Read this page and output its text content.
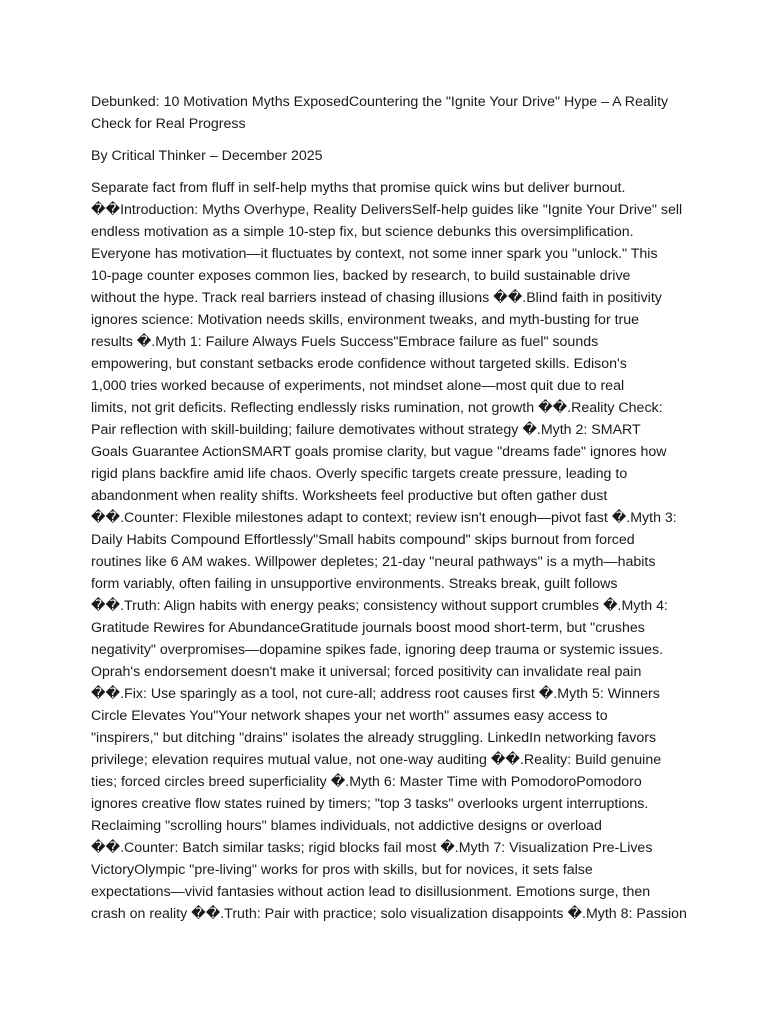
Debunked: 10 Motivation Myths ExposedCountering the "Ignite Your Drive" Hype – A Reality Check for Real Progress

By Critical Thinker – December 2025

Separate fact from fluff in self-help myths that promise quick wins but deliver burnout.
��Introduction: Myths Overhype, Reality DeliversSelf-help guides like "Ignite Your Drive" sell
endless motivation as a simple 10-step fix, but science debunks this oversimplification.
Everyone has motivation—it fluctuates by context, not some inner spark you "unlock." This
10-page counter exposes common lies, backed by research, to build sustainable drive
without the hype. Track real barriers instead of chasing illusions ��.Blind faith in positivity
ignores science: Motivation needs skills, environment tweaks, and myth-busting for true
results �.Myth 1: Failure Always Fuels Success"Embrace failure as fuel" sounds
empowering, but constant setbacks erode confidence without targeted skills. Edison's
1,000 tries worked because of experiments, not mindset alone—most quit due to real
limits, not grit deficits. Reflecting endlessly risks rumination, not growth ��.Reality Check:
Pair reflection with skill-building; failure demotivates without strategy �.Myth 2: SMART
Goals Guarantee ActionSMART goals promise clarity, but vague "dreams fade" ignores how
rigid plans backfire amid life chaos. Overly specific targets create pressure, leading to
abandonment when reality shifts. Worksheets feel productive but often gather dust
��.Counter: Flexible milestones adapt to context; review isn't enough—pivot fast �.Myth 3:
Daily Habits Compound Effortlessly"Small habits compound" skips burnout from forced
routines like 6 AM wakes. Willpower depletes; 21-day "neural pathways" is a myth—habits
form variably, often failing in unsupportive environments. Streaks break, guilt follows
��.Truth: Align habits with energy peaks; consistency without support crumbles �.Myth 4:
Gratitude Rewires for AbundanceGratitude journals boost mood short-term, but "crushes
negativity" overpromises—dopamine spikes fade, ignoring deep trauma or systemic issues.
Oprah's endorsement doesn't make it universal; forced positivity can invalidate real pain
��.Fix: Use sparingly as a tool, not cure-all; address root causes first �.Myth 5: Winners
Circle Elevates You"Your network shapes your net worth" assumes easy access to
"inspirers," but ditching "drains" isolates the already struggling. LinkedIn networking favors
privilege; elevation requires mutual value, not one-way auditing ��.Reality: Build genuine
ties; forced circles breed superficiality �.Myth 6: Master Time with PomodoroPomodoro
ignores creative flow states ruined by timers; "top 3 tasks" overlooks urgent interruptions.
Reclaiming "scrolling hours" blames individuals, not addictive designs or overload
��.Counter: Batch similar tasks; rigid blocks fail most �.Myth 7: Visualization Pre-Lives
VictoryOlympic "pre-living" works for pros with skills, but for novices, it sets false
expectations—vivid fantasies without action lead to disillusionment. Emotions surge, then
crash on reality ��.Truth: Pair with practice; solo visualization disappoints �.Myth 8: Passion
